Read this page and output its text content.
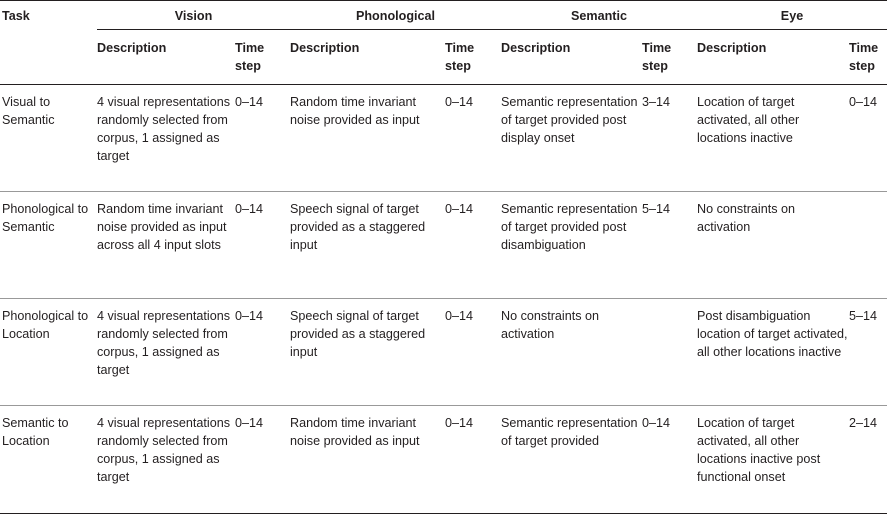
Task	Vision		Phonological		Semantic		Eye	
	Description	Time step	Description	Time step	Description	Time step	Description	Time step
Visual to Semantic	4 visual representations randomly selected from corpus, 1 assigned as target	0–14	Random time invariant noise provided as input	0–14	Semantic representation of target provided post display onset	3–14	Location of target activated, all other locations inactive	0–14
Phonological to Semantic	Random time invariant noise provided as input across all 4 input slots	0–14	Speech signal of target provided as a staggered input	0–14	Semantic representation of target provided post disambiguation	5–14	No constraints on activation	
Phonological to Location	4 visual representations randomly selected from corpus, 1 assigned as target	0–14	Speech signal of target provided as a staggered input	0–14	No constraints on activation		Post disambiguation location of target activated, all other locations inactive	5–14
Semantic to Location	4 visual representations randomly selected from corpus, 1 assigned as target	0–14	Random time invariant noise provided as input	0–14	Semantic representation of target provided	0–14	Location of target activated, all other locations inactive post functional onset	2–14
